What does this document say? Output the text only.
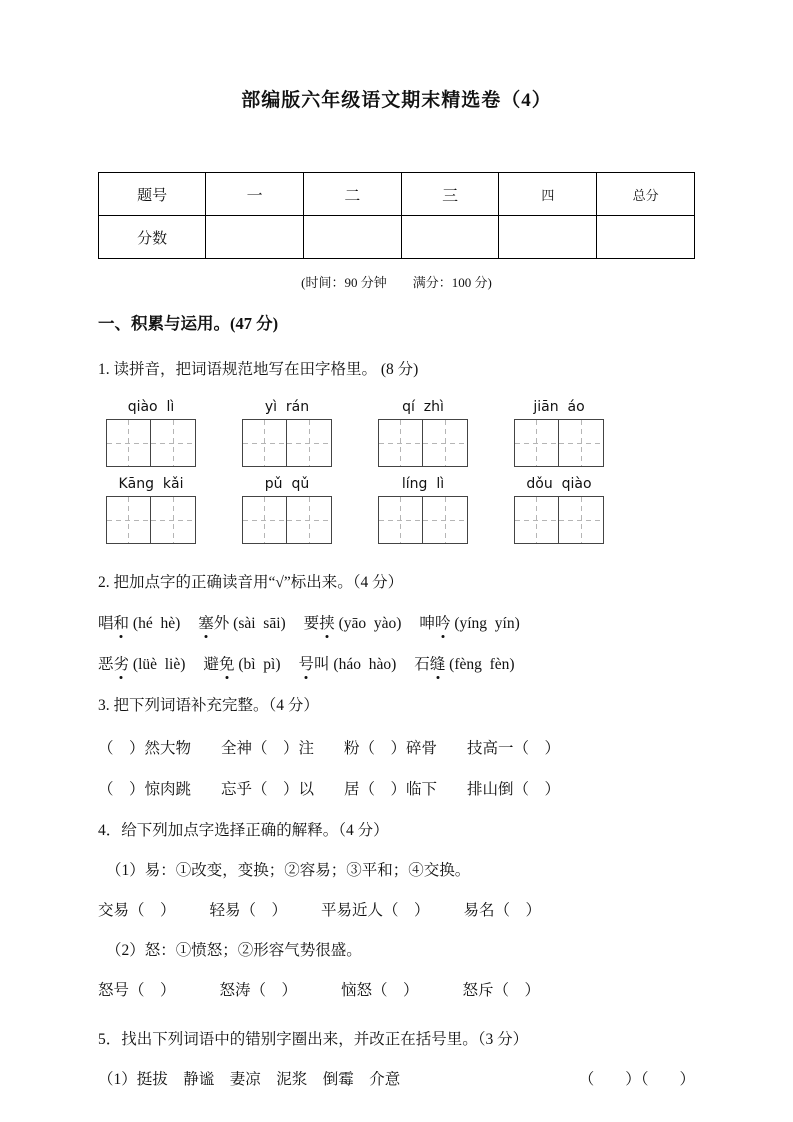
部编版六年级语文期末精选卷（4）
题号	一	二	三	四	总分
分数					
(时间：90 分钟　　满分：100 分)
一、积累与运用。(47 分)
1. 读拼音，把词语规范地写在田字格里。 (8 分)
qiào  lì	yì  rán	qí  zhì	jiān  áo
Kāng  kǎi	pǔ  qǔ	líng  lì	dǒu  qiào
2. 把加点字的正确读音用“√”标出来。（4 分）
唱和 (hé  hè) 塞外 (sài  sāi) 要挟 (yāo  yào) 呻吟 (yíng  yín)
恶劣 (lüè  liè) 避免 (bì  pì) 号叫 (háo  hào) 石缝 (fèng  fèn)
3. 把下列词语补充完整。（4 分）
（　）然大物 全神（　）注 粉（　）碎骨 技高一（　）
（　）惊肉跳 忘乎（　）以 居（　）临下 排山倒（　）
4．给下列加点字选择正确的解释。（4 分）
（1）易：①改变，变换；②容易；③平和；④交换。
交易（　） 轻易（　） 平易近人（　） 易名（　）
（2）怒：①愤怒；②形容气势很盛。
怒号（　）	怒涛（　）	恼怒（　）	怒斥（　）
5．找出下列词语中的错别字圈出来，并改正在括号里。（3 分）
（1）挺拔　静谧　妻凉　泥浆　倒霉　介意	（　　）（　　）
